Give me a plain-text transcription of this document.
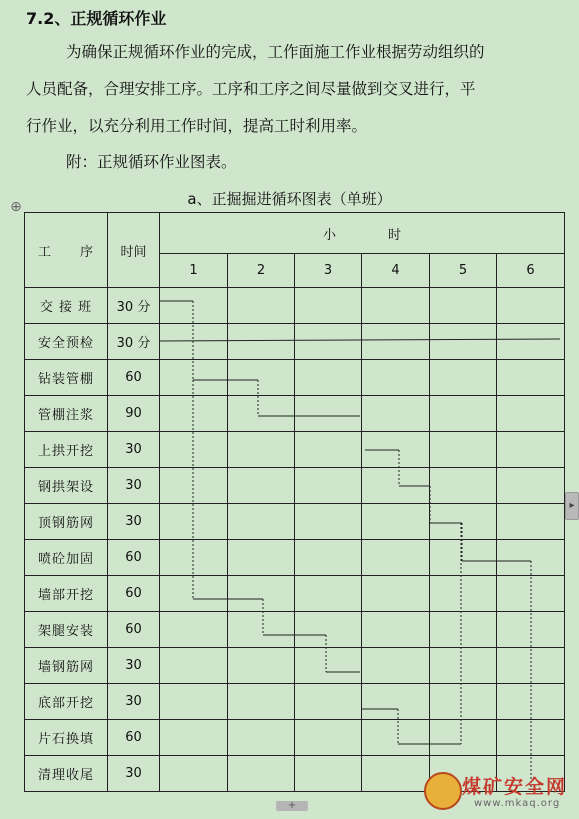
7.2、正规循环作业
为确保正规循环作业的完成，工作面施工作业根据劳动组织的
人员配备，合理安排工序。工序和工序之间尽量做到交叉进行，平
行作业，以充分利用工作时间，提高工时利用率。
附：正规循环作业图表。
a、正掘掘进循环图表（单班）
⊕
工　　序	时间	小　　　　时					
		1	2	3	4	5	6
交 接 班	30 分						
安全预检	30 分						
钻装管棚	60						
管棚注浆	90						
上拱开挖	30						
钢拱架设	30						
顶钢筋网	30						
喷砼加固	60						
墙部开挖	60						
架腿安装	60						
墙钢筋网	30						
底部开挖	30						
片石换填	60						
清理收尾	30						
▸
+
煤矿安全网
www.mkaq.org
